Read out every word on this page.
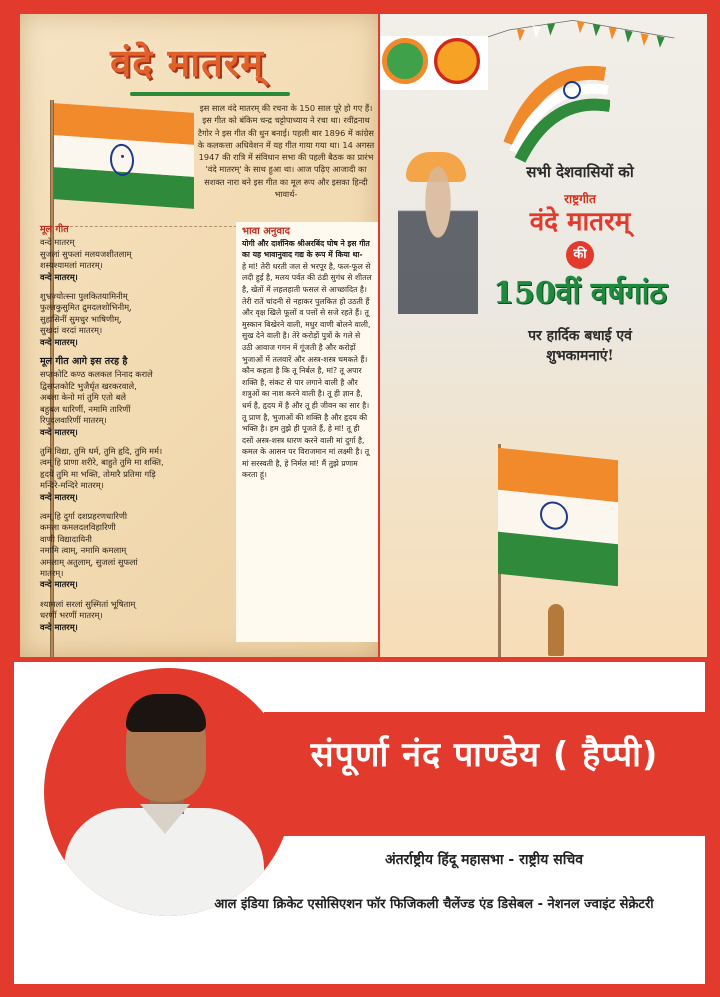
वंदे मातरम्
इस साल वंदे मातरम् की रचना के 150 साल पूरे हो गए हैं। इस गीत को बंकिम चन्द्र चट्टोपाध्याय ने रचा था। रवींद्रनाथ टैगोर ने इस गीत की धुन बनाई। पहली बार 1896 में कांग्रेस के कलकत्ता अधिवेशन में यह गीत गाया गया था। 14 अगस्त 1947 की रात्रि में संविधान सभा की पहली बैठक का प्रारंभ 'वंदे मातरम्' के साथ हुआ था। आज पढ़िए आजादी का सशक्त नारा बने इस गीत का मूल रूप और इसका हिन्दी भावार्थ-
मूल गीत

वन्दे मातरम्
सुजलां सुफलां मलयजशीतलाम्
शस्यश्यामलां मातरम्।
वन्दे मातरम्।

शुभ्रज्योत्स्ना पुलकितयामिनीम्
फुल्लकुसुमित द्रुमदलशोभिनीम्,
सुहासिनीं सुमधुर भाषिणीम्,
सुखदां वरदां मातरम्।
वन्दे मातरम्।

मूल गीत आगे इस तरह है

सप्तकोटि कण्ठ कलकल निनाद कराले
द्विसप्तकोटि भुजैर्धृत खरकरवाले,
अबला केनो मां तुमि एतो बले
बहुबल धारिणीं, नमामि तारिणीं
रिपुदलवारिणीं मातरम्।
वन्दे मातरम्।

तुमि विद्या, तुमि धर्म, तुमि हृदि, तुमि मर्म।
त्वम् हि प्राणा शरीरे, बाहुते तुमि मा शक्ति,
हृदये तुमि मा भक्ति, तोमारै प्रतिमा गड़ि
मन्दिरे-मन्दिरे मातरम्।
वन्दे मातरम्।

त्वम् हि दुर्गा दशप्रहरणधारिणी
कमला कमलदलविहारिणी
वाणी विद्यादायिनी
नमामि त्वाम्, नमामि कमलाम्
अमलाम् अतुलाम्, सुजलां सुफलां
मातरम्।
वन्दे मातरम्।

श्यामलां सरलां सुस्मितां भूषिताम्
धरणीं भरणीं मातरम्।
वन्दे मातरम्।

भावा अनुवाद
योगी और दार्शनिक श्रीअरबिंद घोष ने इस गीत का यह भावानुवाद गद्य के रूप में किया था-
हे मां! तेरी धरती जल से भरपूर है, फल-फूल से लदी हुई है, मलय पर्वत की ठंडी सुगंध से शीतल है, खेतों में लहलहाती फसल से आच्छादित है। तेरी रातें चांदनी से नहाकर पुलकित हो उठती हैं और वृक्ष खिले फूलों व पत्तों से सजे रहते हैं। तू मुस्कान बिखेरने वाली, मधुर वाणी बोलने वाली, सुख देने वाली है। तेरे करोड़ों पुत्रों के गले से उठी आवाज गगन में गूंजती है और करोड़ों भुजाओं में तलवारें और अस्त्र-शस्त्र चमकते हैं। कौन कहता है कि तू निर्बल है, मां? तू अपार शक्ति है, संकट से पार लगाने वाली है और शत्रुओं का नाश करने वाली है। तू ही ज्ञान है, धर्म है, हृदय में है और तू ही जीवन का सार है। तू प्राण है, भुजाओं की शक्ति है और हृदय की भक्ति है। हम तुझे ही पूजते हैं, हे मां! तू ही दसों अस्त्र-शस्त्र धारण करने वाली मां दुर्गा है, कमल के आसन पर विराजमान मां लक्ष्मी है। तू मां सरस्वती है, हे निर्मल मां! मैं तुझे प्रणाम करता हूं।
सभी देशवासियों को
राष्ट्रगीत
वंदे मातरम्
की
150वीं वर्षगांठ
पर हार्दिक बधाई एवं
शुभकामनाएं!
संपूर्णा नंद पाण्डेय ( हैप्पी)
अंतर्राष्ट्रीय हिंदू महासभा - राष्ट्रीय सचिव
आल इंडिया क्रिकेट एसोसिएशन फॉर फिजिकली चैलेंज्ड एंड डिसेबल - नेशनल ज्वाइंट सेक्रेटरी
